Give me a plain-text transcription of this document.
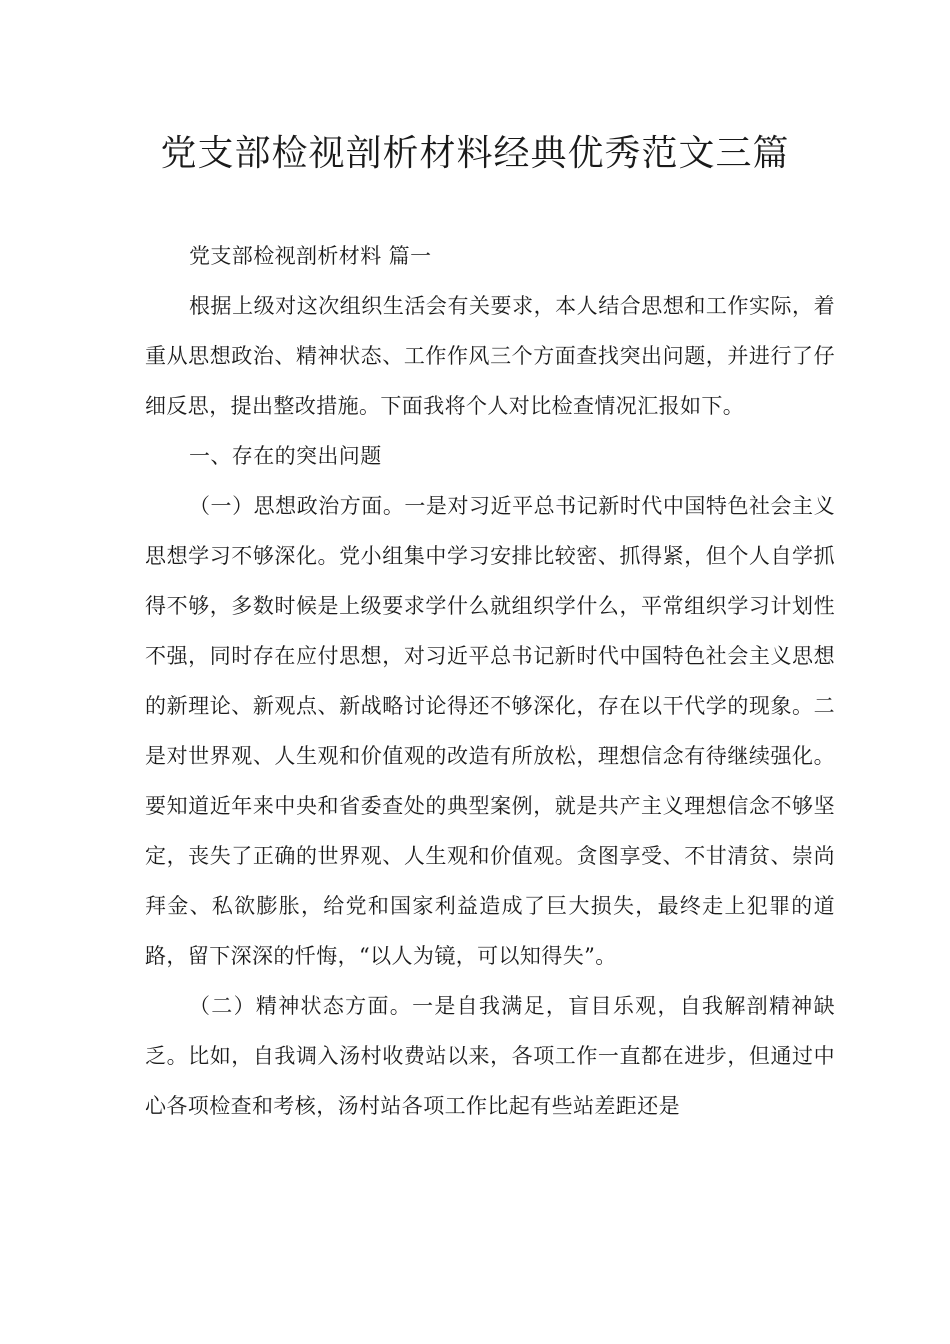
党支部检视剖析材料经典优秀范文三篇

党支部检视剖析材料 篇一

根据上级对这次组织生活会有关要求，本人结合思想和工作实际，着重从思想政治、精神状态、工作作风三个方面查找突出问题，并进行了仔细反思，提出整改措施。下面我将个人对比检查情况汇报如下。

一、存在的突出问题

（一）思想政治方面。一是对习近平总书记新时代中国特色社会主义思想学习不够深化。党小组集中学习安排比较密、抓得紧，但个人自学抓得不够，多数时候是上级要求学什么就组织学什么，平常组织学习计划性不强，同时存在应付思想，对习近平总书记新时代中国特色社会主义思想的新理论、新观点、新战略讨论得还不够深化，存在以干代学的现象。二是对世界观、人生观和价值观的改造有所放松，理想信念有待继续强化。要知道近年来中央和省委查处的典型案例，就是共产主义理想信念不够坚定，丧失了正确的世界观、人生观和价值观。贪图享受、不甘清贫、崇尚拜金、私欲膨胀，给党和国家利益造成了巨大损失，最终走上犯罪的道路，留下深深的忏悔，“以人为镜，可以知得失”。

（二）精神状态方面。一是自我满足，盲目乐观，自我解剖精神缺乏。比如，自我调入汤村收费站以来，各项工作一直都在进步，但通过中心各项检查和考核，汤村站各项工作比起有些站差距还是
